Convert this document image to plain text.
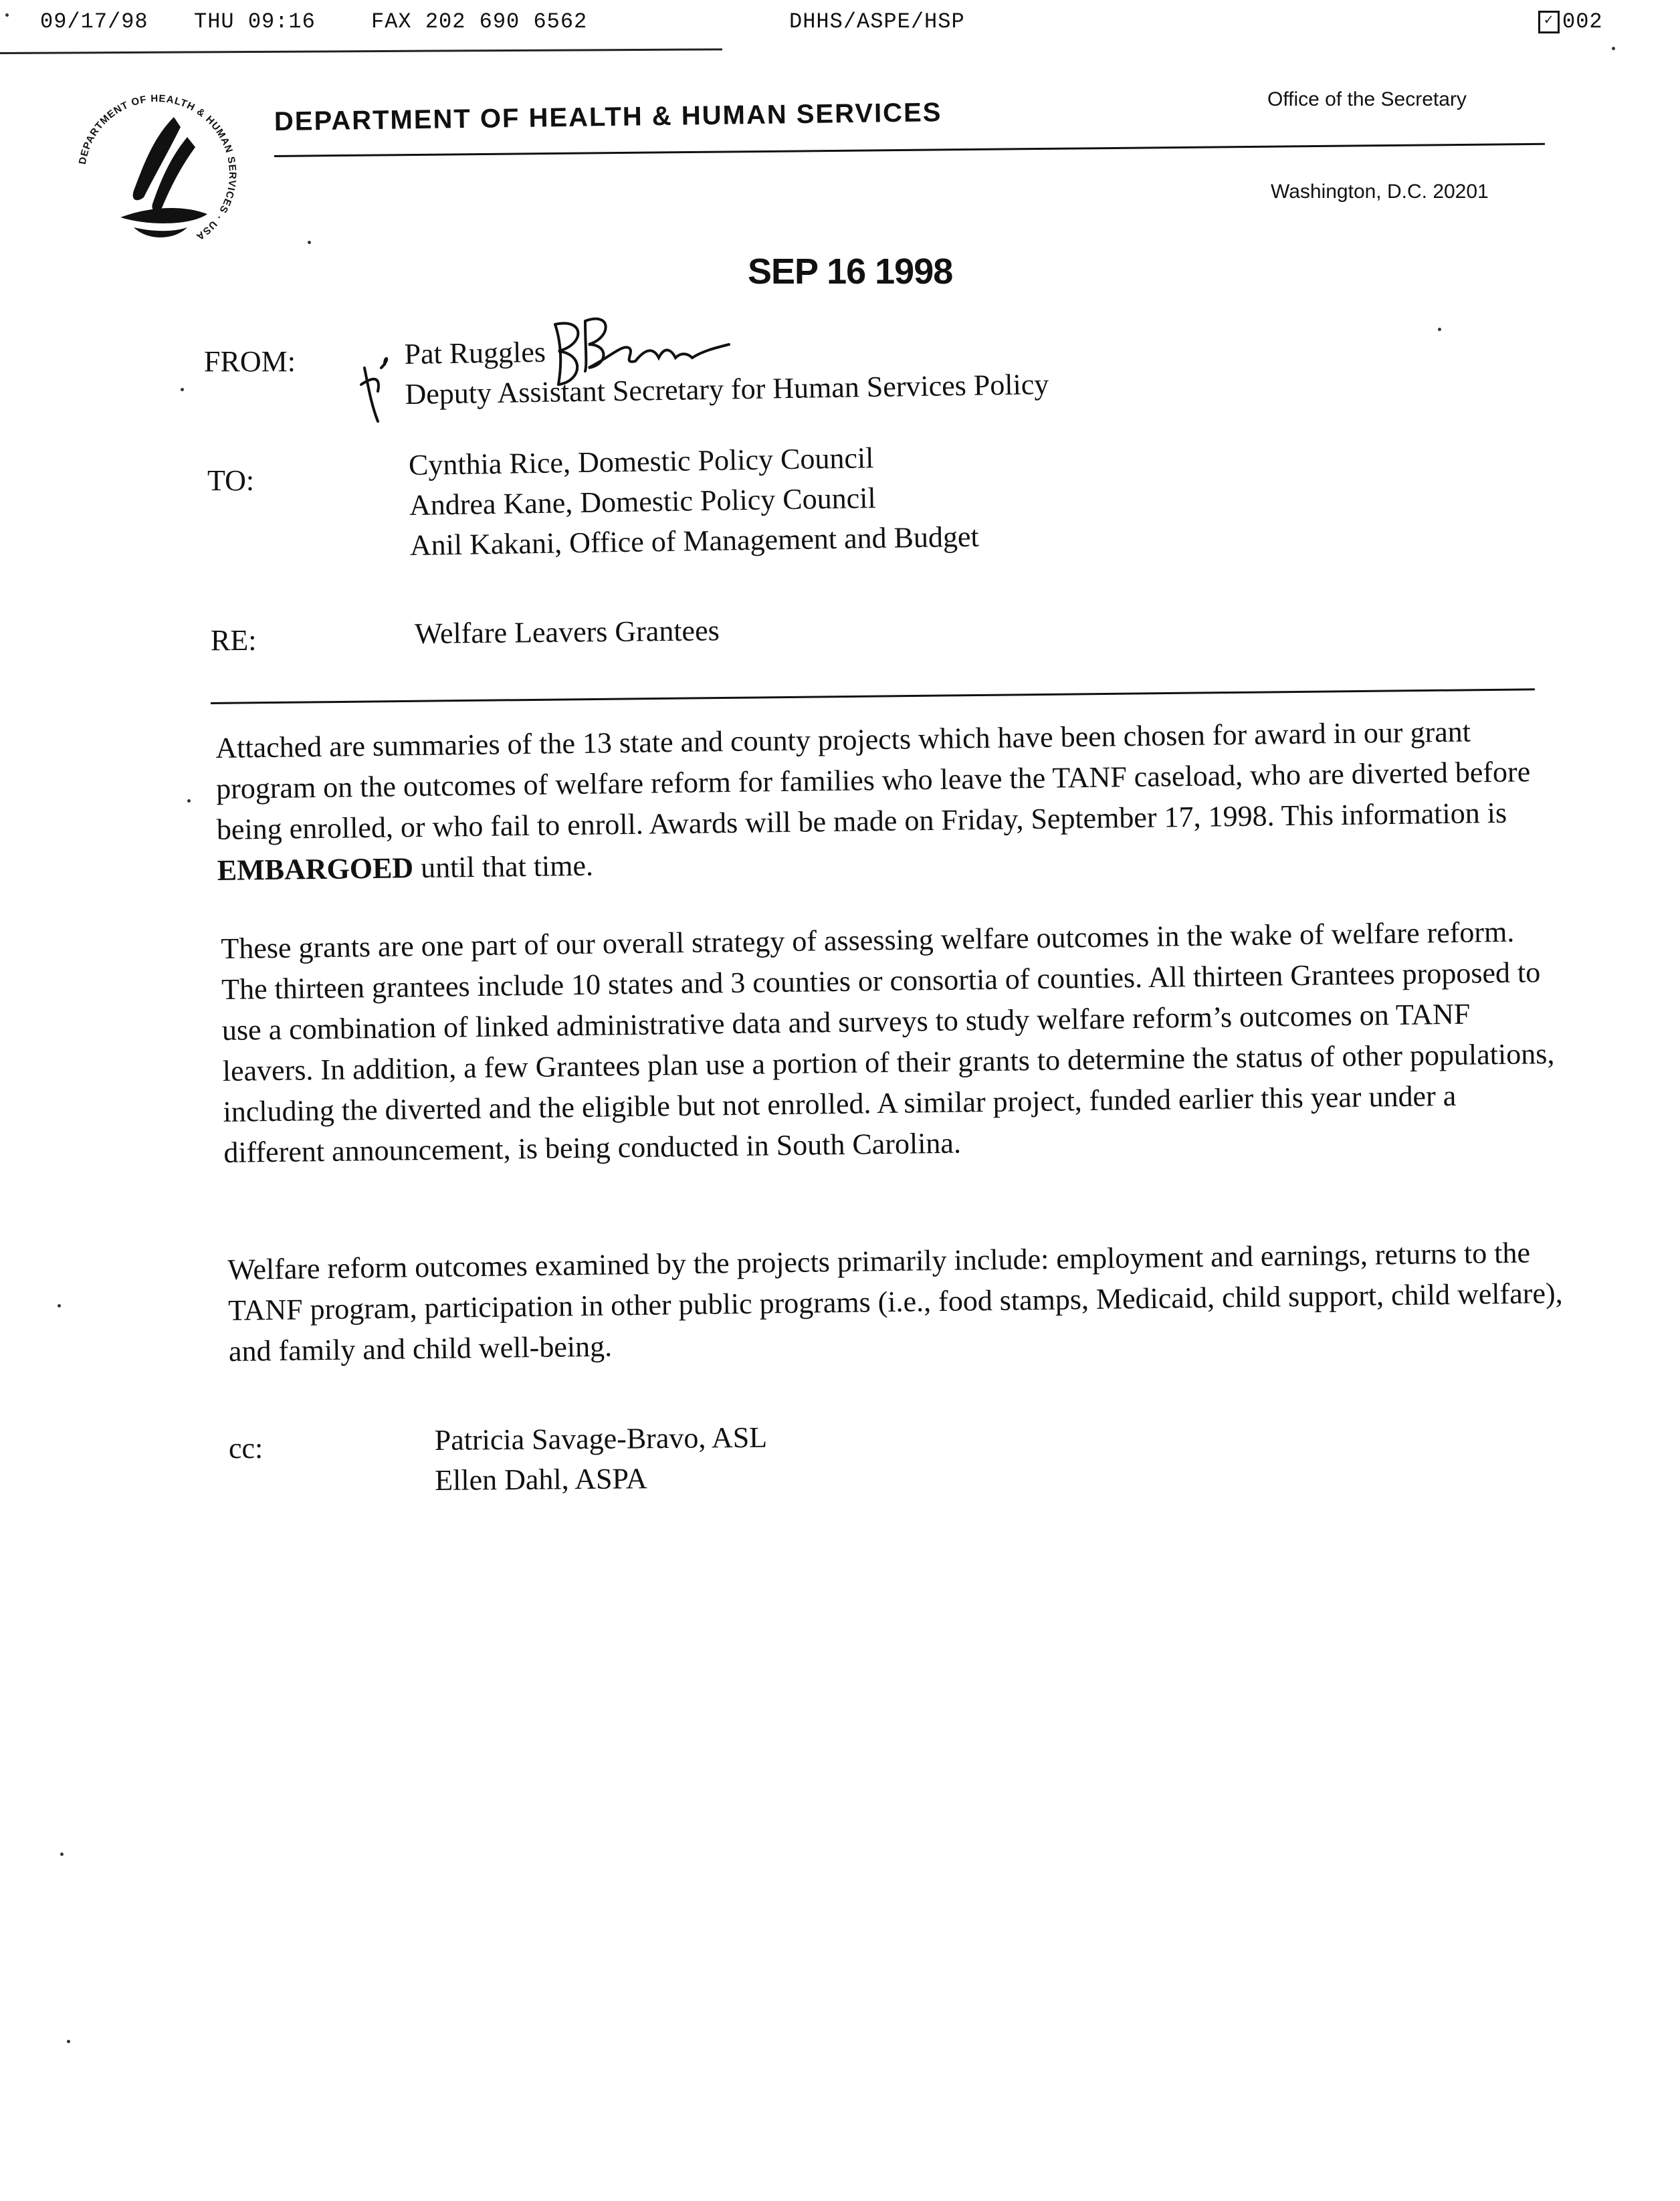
09/17/98 THU 09:16	FAX 202 690 6562	DHHS/ASPE/HSP	✓ 002
DEPARTMENT OF HEALTH & HUMAN SERVICES · USA
DEPARTMENT OF HEALTH & HUMAN SERVICES	Office of the Secretary
Washington, D.C. 20201
SEP 16 1998
FROM:	Pat Ruggles
Deputy Assistant Secretary for Human Services Policy
TO:	Cynthia Rice, Domestic Policy Council
Andrea Kane, Domestic Policy Council
Anil Kakani, Office of Management and Budget
RE:	Welfare Leavers Grantees
Attached are summaries of the 13 state and county projects which have been chosen for award in our grant program on the outcomes of welfare reform for families who leave the TANF caseload, who are diverted before being enrolled, or who fail to enroll. Awards will be made on Friday, September 17, 1998. This information is EMBARGOED until that time.
These grants are one part of our overall strategy of assessing welfare outcomes in the wake of welfare reform. The thirteen grantees include 10 states and 3 counties or consortia of counties. All thirteen Grantees proposed to use a combination of linked administrative data and surveys to study welfare reform’s outcomes on TANF leavers. In addition, a few Grantees plan use a portion of their grants to determine the status of other populations, including the diverted and the eligible but not enrolled. A similar project, funded earlier this year under a different announcement, is being conducted in South Carolina.
Welfare reform outcomes examined by the projects primarily include: employment and earnings, returns to the TANF program, participation in other public programs (i.e., food stamps, Medicaid, child support, child welfare), and family and child well-being.
cc:	Patricia Savage-Bravo, ASL
Ellen Dahl, ASPA
